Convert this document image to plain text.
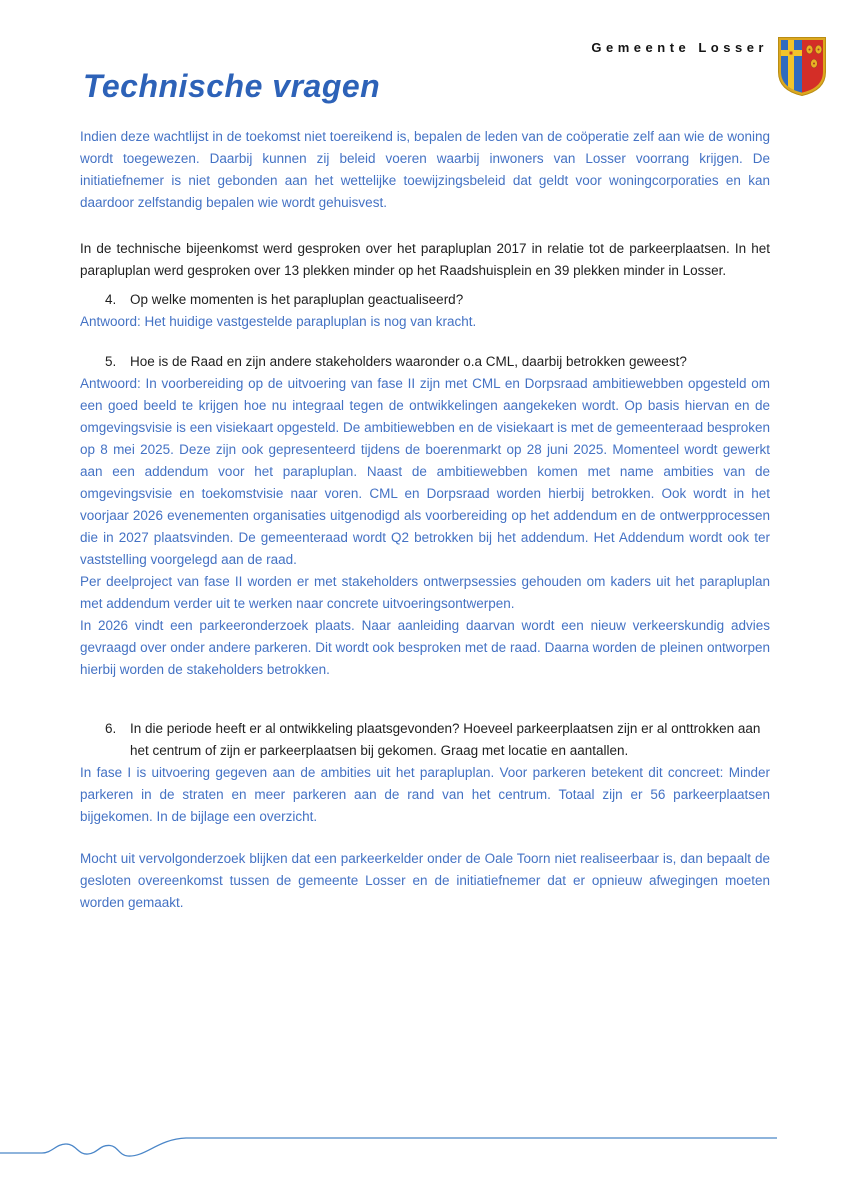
Gemeente Losser
Technische vragen

Indien deze wachtlijst in de toekomst niet toereikend is, bepalen de leden van de coöperatie zelf aan wie de woning wordt toegewezen. Daarbij kunnen zij beleid voeren waarbij inwoners van Losser voorrang krijgen. De initiatiefnemer is niet gebonden aan het wettelijke toewijzingsbeleid dat geldt voor woningcorporaties en kan daardoor zelfstandig bepalen wie wordt gehuisvest.

In de technische bijeenkomst werd gesproken over het parapluplan 2017 in relatie tot de parkeerplaatsen. In het parapluplan werd gesproken over 13 plekken minder op het Raadshuisplein en 39 plekken minder in Losser.

4.	Op welke momenten is het parapluplan geactualiseerd?

Antwoord: Het huidige vastgestelde parapluplan is nog van kracht.

5.	Hoe is de Raad en zijn andere stakeholders waaronder o.a CML, daarbij betrokken geweest?

Antwoord: In voorbereiding op de uitvoering van fase II zijn met CML en Dorpsraad ambitiewebben opgesteld om een goed beeld te krijgen hoe nu integraal tegen de ontwikkelingen aangekeken wordt. Op basis hiervan en de omgevingsvisie is een visiekaart opgesteld. De ambitiewebben en de visiekaart is met de gemeenteraad besproken op 8 mei 2025. Deze zijn ook gepresenteerd tijdens de boerenmarkt op 28 juni 2025. Momenteel wordt gewerkt aan een addendum voor het parapluplan. Naast de ambitiewebben komen met name ambities van de omgevingsvisie en toekomstvisie naar voren. CML en Dorpsraad worden hierbij betrokken. Ook wordt in het voorjaar 2026 evenementen organisaties uitgenodigd als voorbereiding op het addendum en de ontwerpprocessen die in 2027 plaatsvinden. De gemeenteraad wordt Q2 betrokken bij het addendum. Het Addendum wordt ook ter vaststelling voorgelegd aan de raad.

Per deelproject van fase II worden er met stakeholders ontwerpsessies gehouden om kaders uit het parapluplan met addendum verder uit te werken naar concrete uitvoeringsontwerpen.

In 2026 vindt een parkeeronderzoek plaats. Naar aanleiding daarvan wordt een nieuw verkeerskundig advies gevraagd over onder andere parkeren. Dit wordt ook besproken met de raad. Daarna worden de pleinen ontworpen hierbij worden de stakeholders betrokken.

6.	In die periode heeft er al ontwikkeling plaatsgevonden? Hoeveel parkeerplaatsen zijn er al onttrokken aan het centrum of zijn er parkeerplaatsen bij gekomen. Graag met locatie en aantallen.

In fase I is uitvoering gegeven aan de ambities uit het parapluplan. Voor parkeren betekent dit concreet: Minder parkeren in de straten en meer parkeren aan de rand van het centrum. Totaal zijn er 56 parkeerplaatsen bijgekomen. In de bijlage een overzicht.

Mocht uit vervolgonderzoek blijken dat een parkeerkelder onder de Oale Toorn niet realiseerbaar is, dan bepaalt de gesloten overeenkomst tussen de gemeente Losser en de initiatiefnemer dat er opnieuw afwegingen moeten worden gemaakt.
